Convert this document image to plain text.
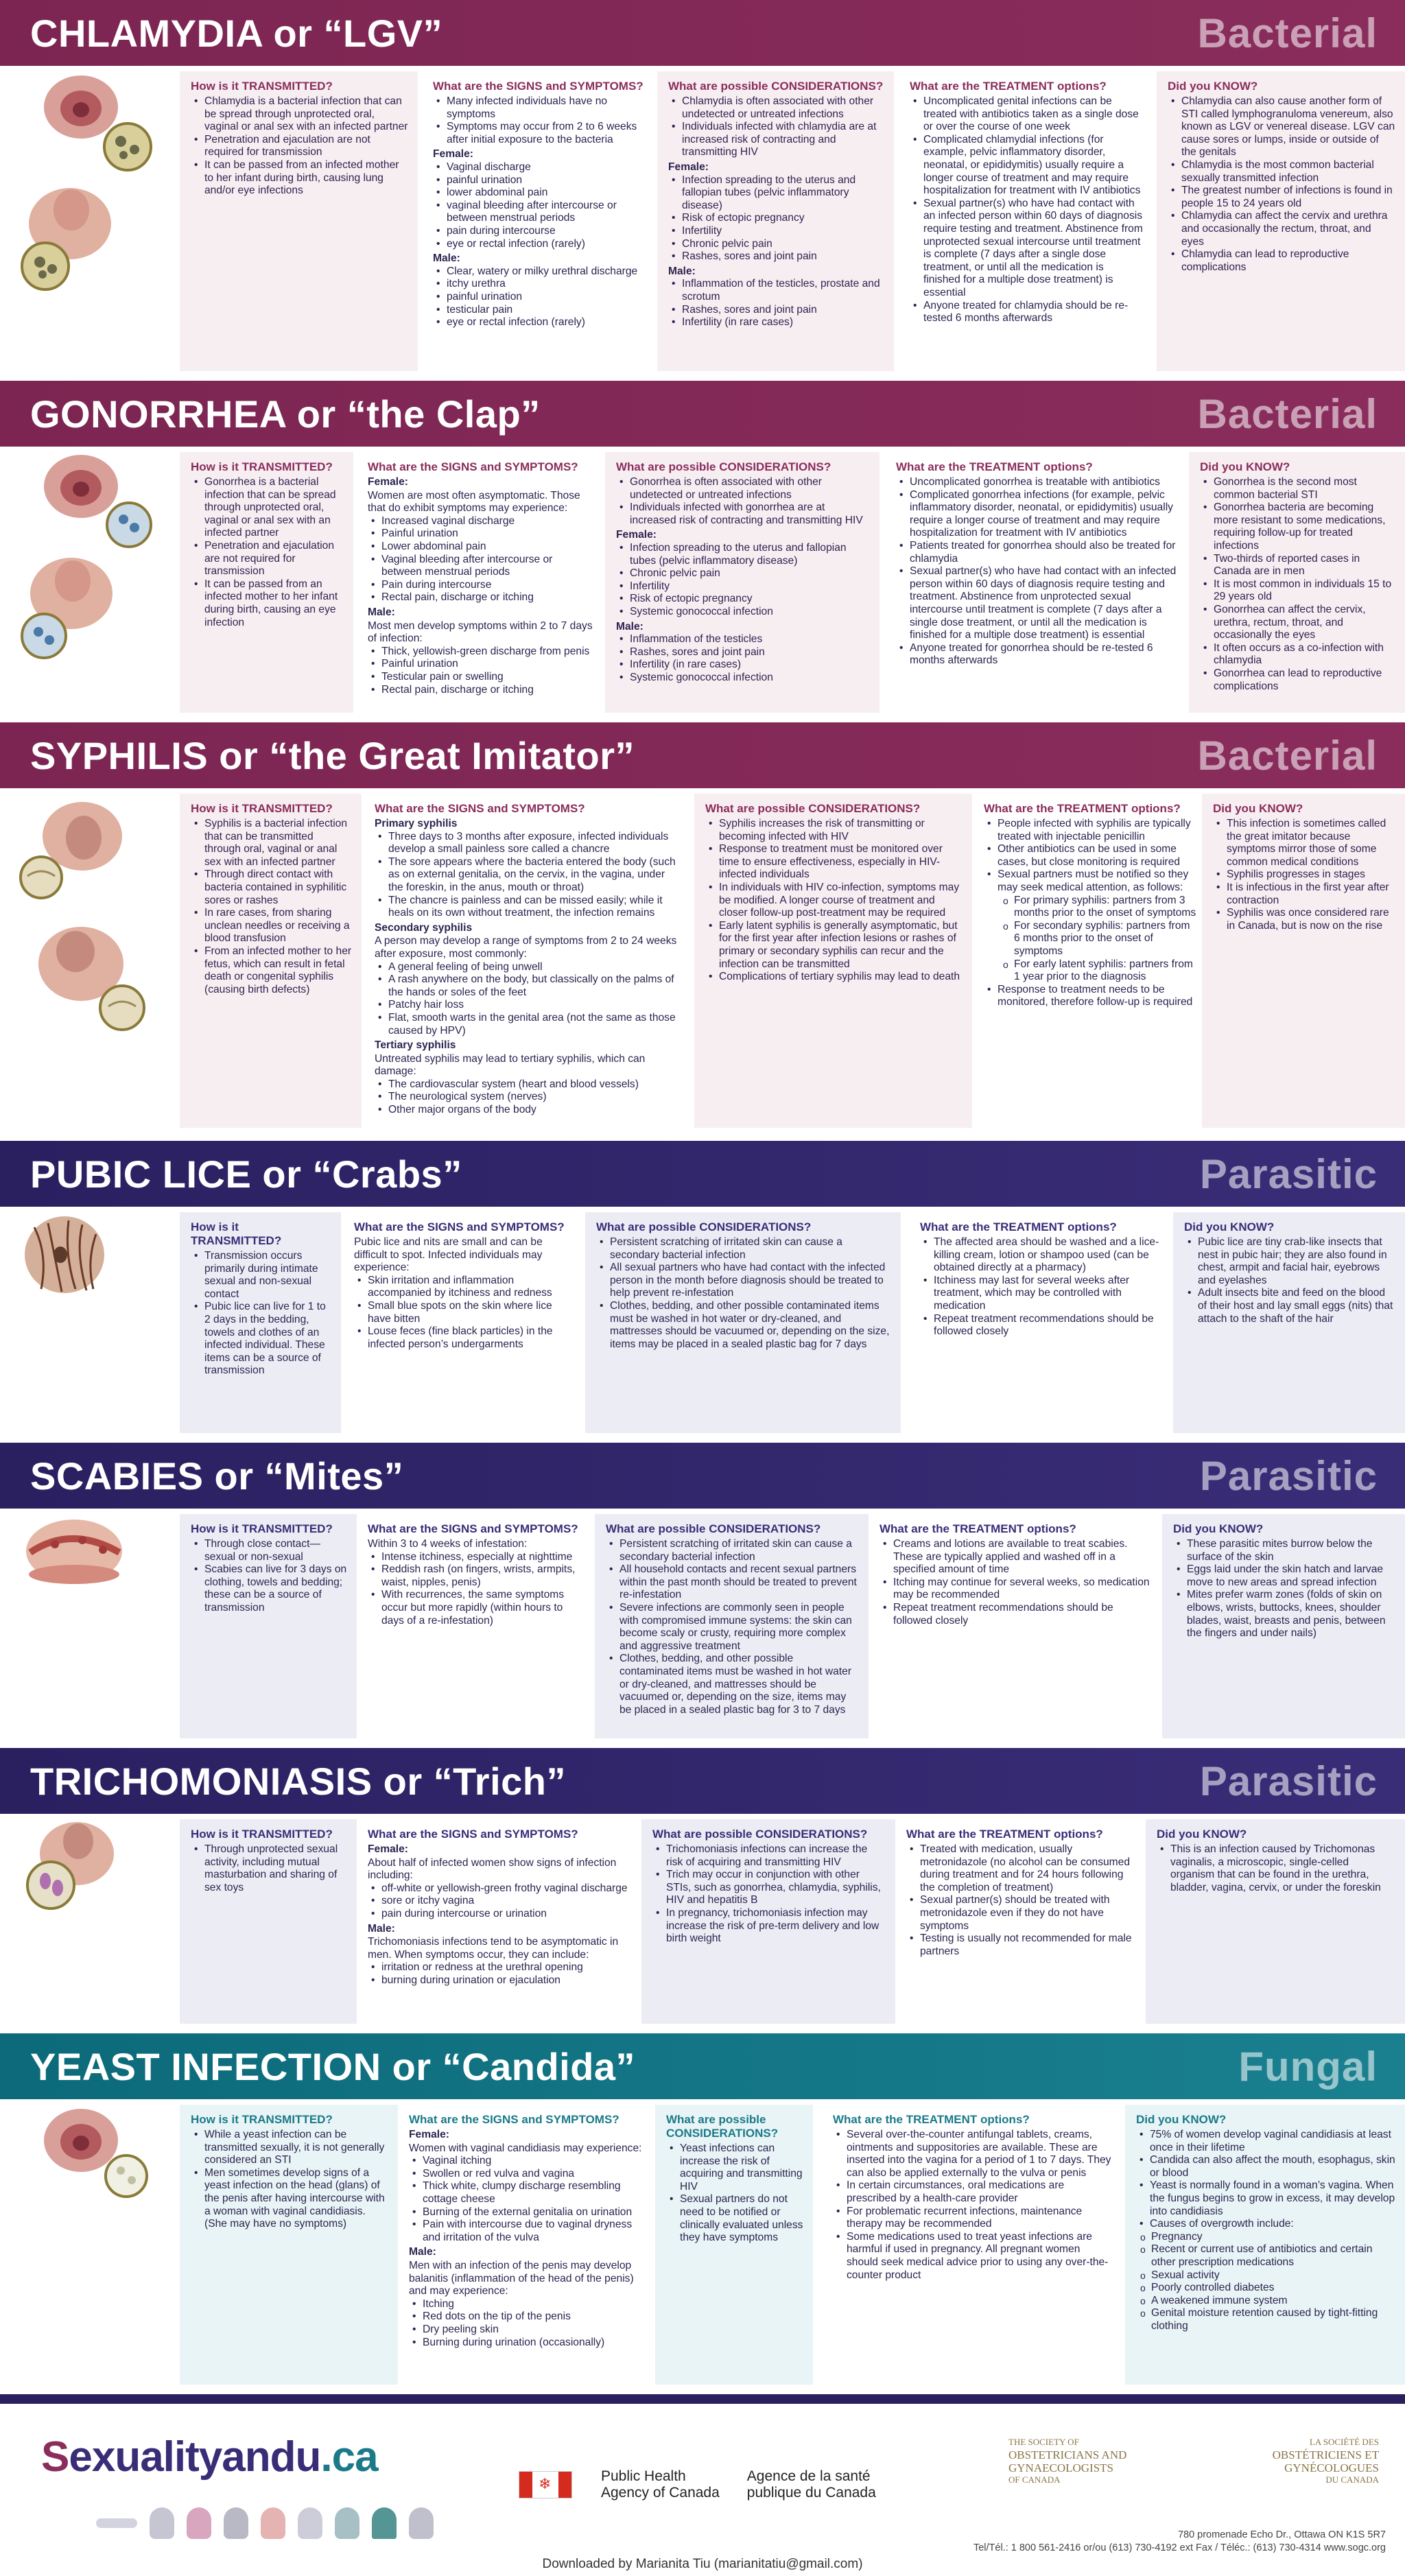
CHLAMYDIA or “LGV”	Bacterial
How is it TRANSMITTED?
• Chlamydia is a bacterial infection that can be spread through unprotected oral, vaginal or anal sex with an infected partner
• Penetration and ejaculation are not required for transmission
• It can be passed from an infected mother to her infant during birth, causing lung and/or eye infections
What are the SIGNS and SYMPTOMS?
• Many infected individuals have no symptoms
• Symptoms may occur from 2 to 6 weeks after initial exposure to the bacteria
Female:
• Vaginal discharge
• painful urination
• lower abdominal pain
• vaginal bleeding after intercourse or between menstrual periods
• pain during intercourse
• eye or rectal infection (rarely)
Male:
• Clear, watery or milky urethral discharge
• itchy urethra
• painful urination
• testicular pain
• eye or rectal infection (rarely)
What are possible CONSIDERATIONS?
• Chlamydia is often associated with other undetected or untreated infections
• Individuals infected with chlamydia are at increased risk of contracting and transmitting HIV
Female:
• Infection spreading to the uterus and fallopian tubes (pelvic inflammatory disease)
• Risk of ectopic pregnancy
• Infertility
• Chronic pelvic pain
• Rashes, sores and joint pain
Male:
• Inflammation of the testicles, prostate and scrotum
• Rashes, sores and joint pain
• Infertility (in rare cases)
What are the TREATMENT options?
• Uncomplicated genital infections can be treated with antibiotics taken as a single dose or over the course of one week
• Complicated chlamydial infections (for example, pelvic inflammatory disorder, neonatal, or epididymitis) usually require a longer course of treatment and may require hospitalization for treatment with IV antibiotics
• Sexual partner(s) who have had contact with an infected person within 60 days of diagnosis require testing and treatment. Abstinence from unprotected sexual intercourse until treatment is complete (7 days after a single dose treatment, or until all the medication is finished for a multiple dose treatment) is essential
• Anyone treated for chlamydia should be re-tested 6 months afterwards
Did you KNOW?
• Chlamydia can also cause another form of STI called lymphogranuloma venereum, also known as LGV or venereal disease. LGV can cause sores or lumps, inside or outside of the genitals
• Chlamydia is the most common bacterial sexually transmitted infection
• The greatest number of infections is found in people 15 to 24 years old
• Chlamydia can affect the cervix and urethra and occasionally the rectum, throat, and eyes
• Chlamydia can lead to reproductive complications
GONORRHEA or “the Clap”	Bacterial
How is it TRANSMITTED?
• Gonorrhea is a bacterial infection that can be spread through unprotected oral, vaginal or anal sex with an infected partner
• Penetration and ejaculation are not required for transmission
• It can be passed from an infected mother to her infant during birth, causing an eye infection
What are the SIGNS and SYMPTOMS?
Female:
Women are most often asymptomatic. Those that do exhibit symptoms may experience:
• Increased vaginal discharge
• Painful urination
• Lower abdominal pain
• Vaginal bleeding after intercourse or between menstrual periods
• Pain during intercourse
• Rectal pain, discharge or itching
Male:
Most men develop symptoms within 2 to 7 days of infection:
• Thick, yellowish-green discharge from penis
• Painful urination
• Testicular pain or swelling
• Rectal pain, discharge or itching
What are possible CONSIDERATIONS?
• Gonorrhea is often associated with other undetected or untreated infections
• Individuals infected with gonorrhea are at increased risk of contracting and transmitting HIV
Female:
• Infection spreading to the uterus and fallopian tubes (pelvic inflammatory disease)
• Chronic pelvic pain
• Infertility
• Risk of ectopic pregnancy
• Systemic gonococcal infection
Male:
• Inflammation of the testicles
• Rashes, sores and joint pain
• Infertility (in rare cases)
• Systemic gonococcal infection
What are the TREATMENT options?
• Uncomplicated gonorrhea is treatable with antibiotics
• Complicated gonorrhea infections (for example, pelvic inflammatory disorder, neonatal, or epididymitis) usually require a longer course of treatment and may require hospitalization for treatment with IV antibiotics
• Patients treated for gonorrhea should also be treated for chlamydia
• Sexual partner(s) who have had contact with an infected person within 60 days of diagnosis require testing and treatment. Abstinence from unprotected sexual intercourse until treatment is complete (7 days after a single dose treatment, or until all the medication is finished for a multiple dose treatment) is essential
• Anyone treated for gonorrhea should be re-tested 6 months afterwards
Did you KNOW?
• Gonorrhea is the second most common bacterial STI
• Gonorrhea bacteria are becoming more resistant to some medications, requiring follow-up for treated infections
• Two-thirds of reported cases in Canada are in men
• It is most common in individuals 15 to 29 years old
• Gonorrhea can affect the cervix, urethra, rectum, throat, and occasionally the eyes
• It often occurs as a co-infection with chlamydia
• Gonorrhea can lead to reproductive complications
SYPHILIS or “the Great Imitator”	Bacterial
How is it TRANSMITTED?
• Syphilis is a bacterial infection that can be transmitted through oral, vaginal or anal sex with an infected partner
• Through direct contact with bacteria contained in syphilitic sores or rashes
• In rare cases, from sharing unclean needles or receiving a blood transfusion
• From an infected mother to her fetus, which can result in fetal death or congenital syphilis (causing birth defects)
What are the SIGNS and SYMPTOMS?
Primary syphilis
• Three days to 3 months after exposure, infected individuals develop a small painless sore called a chancre
• The sore appears where the bacteria entered the body (such as on external genitalia, on the cervix, in the vagina, under the foreskin, in the anus, mouth or throat)
• The chancre is painless and can be missed easily; while it heals on its own without treatment, the infection remains
Secondary syphilis
A person may develop a range of symptoms from 2 to 24 weeks after exposure, most commonly:
• A general feeling of being unwell
• A rash anywhere on the body, but classically on the palms of the hands or soles of the feet
• Patchy hair loss
• Flat, smooth warts in the genital area (not the same as those caused by HPV)
Tertiary syphilis
Untreated syphilis may lead to tertiary syphilis, which can damage:
• The cardiovascular system (heart and blood vessels)
• The neurological system (nerves)
• Other major organs of the body
What are possible CONSIDERATIONS?
• Syphilis increases the risk of transmitting or becoming infected with HIV
• Response to treatment must be monitored over time to ensure effectiveness, especially in HIV-infected individuals
• In individuals with HIV co-infection, symptoms may be modified. A longer course of treatment and closer follow-up post-treatment may be required
• Early latent syphilis is generally asymptomatic, but for the first year after infection lesions or rashes of primary or secondary syphilis can recur and the infection can be transmitted
• Complications of tertiary syphilis may lead to death
What are the TREATMENT options?
• People infected with syphilis are typically treated with injectable penicillin
• Other antibiotics can be used in some cases, but close monitoring is required
• Sexual partners must be notified so they may seek medical attention, as follows:
o For primary syphilis: partners from 3 months prior to the onset of symptoms
o For secondary syphilis: partners from 6 months prior to the onset of symptoms
o For early latent syphilis: partners from 1 year prior to the diagnosis
• Response to treatment needs to be monitored, therefore follow-up is required
Did you KNOW?
• This infection is sometimes called the great imitator because symptoms mirror those of some common medical conditions
• Syphilis progresses in stages
• It is infectious in the first year after contraction
• Syphilis was once considered rare in Canada, but is now on the rise
PUBIC LICE or “Crabs”	Parasitic
How is it TRANSMITTED?
• Transmission occurs primarily during intimate sexual and non-sexual contact
• Pubic lice can live for 1 to 2 days in the bedding, towels and clothes of an infected individual. These items can be a source of transmission
What are the SIGNS and SYMPTOMS?
Pubic lice and nits are small and can be difficult to spot. Infected individuals may experience:
• Skin irritation and inflammation accompanied by itchiness and redness
• Small blue spots on the skin where lice have bitten
• Louse feces (fine black particles) in the infected person’s undergarments
What are possible CONSIDERATIONS?
• Persistent scratching of irritated skin can cause a secondary bacterial infection
• All sexual partners who have had contact with the infected person in the month before diagnosis should be treated to help prevent re-infestation
• Clothes, bedding, and other possible contaminated items must be washed in hot water or dry-cleaned, and mattresses should be vacuumed or, depending on the size, items may be placed in a sealed plastic bag for 7 days
What are the TREATMENT options?
• The affected area should be washed and a lice-killing cream, lotion or shampoo used (can be obtained directly at a pharmacy)
• Itchiness may last for several weeks after treatment, which may be controlled with medication
• Repeat treatment recommendations should be followed closely
Did you KNOW?
• Pubic lice are tiny crab-like insects that nest in pubic hair; they are also found in chest, armpit and facial hair, eyebrows and eyelashes
• Adult insects bite and feed on the blood of their host and lay small eggs (nits) that attach to the shaft of the hair
SCABIES or “Mites”	Parasitic
How is it TRANSMITTED?
• Through close contact—sexual or non-sexual
• Scabies can live for 3 days on clothing, towels and bedding; these can be a source of transmission
What are the SIGNS and SYMPTOMS?
Within 3 to 4 weeks of infestation:
• Intense itchiness, especially at nighttime
• Reddish rash (on fingers, wrists, armpits, waist, nipples, penis)
• With recurrences, the same symptoms occur but more rapidly (within hours to days of a re-infestation)
What are possible CONSIDERATIONS?
• Persistent scratching of irritated skin can cause a secondary bacterial infection
• All household contacts and recent sexual partners within the past month should be treated to prevent re-infestation
• Severe infections are commonly seen in people with compromised immune systems: the skin can become scaly or crusty, requiring more complex and aggressive treatment
• Clothes, bedding, and other possible contaminated items must be washed in hot water or dry-cleaned, and mattresses should be vacuumed or, depending on the size, items may be placed in a sealed plastic bag for 3 to 7 days
What are the TREATMENT options?
• Creams and lotions are available to treat scabies. These are typically applied and washed off in a specified amount of time
• Itching may continue for several weeks, so medication may be recommended
• Repeat treatment recommendations should be followed closely
Did you KNOW?
• These parasitic mites burrow below the surface of the skin
• Eggs laid under the skin hatch and larvae move to new areas and spread infection
• Mites prefer warm zones (folds of skin on elbows, wrists, buttocks, knees, shoulder blades, waist, breasts and penis, between the fingers and under nails)
TRICHOMONIASIS or “Trich”	Parasitic
How is it TRANSMITTED?
• Through unprotected sexual activity, including mutual masturbation and sharing of sex toys
What are the SIGNS and SYMPTOMS?
Female:
About half of infected women show signs of infection including:
• off-white or yellowish-green frothy vaginal discharge
• sore or itchy vagina
• pain during intercourse or urination
Male:
Trichomoniasis infections tend to be asymptomatic in men. When symptoms occur, they can include:
• irritation or redness at the urethral opening
• burning during urination or ejaculation
What are possible CONSIDERATIONS?
• Trichomoniasis infections can increase the risk of acquiring and transmitting HIV
• Trich may occur in conjunction with other STIs, such as gonorrhea, chlamydia, syphilis, HIV and hepatitis B
• In pregnancy, trichomoniasis infection may increase the risk of pre-term delivery and low birth weight
What are the TREATMENT options?
• Treated with medication, usually metronidazole (no alcohol can be consumed during treatment and for 24 hours following the completion of treatment)
• Sexual partner(s) should be treated with metronidazole even if they do not have symptoms
• Testing is usually not recommended for male partners
Did you KNOW?
• This is an infection caused by Trichomonas vaginalis, a microscopic, single-celled organism that can be found in the urethra, bladder, vagina, cervix, or under the foreskin
YEAST INFECTION or “Candida”	Fungal
How is it TRANSMITTED?
• While a yeast infection can be transmitted sexually, it is not generally considered an STI
• Men sometimes develop signs of a yeast infection on the head (glans) of the penis after having intercourse with a woman with vaginal candidiasis. (She may have no symptoms)
What are the SIGNS and SYMPTOMS?
Female:
Women with vaginal candidiasis may experience:
• Vaginal itching
• Swollen or red vulva and vagina
• Thick white, clumpy discharge resembling cottage cheese
• Burning of the external genitalia on urination
• Pain with intercourse due to vaginal dryness and irritation of the vulva
Male:
Men with an infection of the penis may develop balanitis (inflammation of the head of the penis) and may experience:
• Itching
• Red dots on the tip of the penis
• Dry peeling skin
• Burning during urination (occasionally)
What are possible
CONSIDERATIONS?
• Yeast infections can increase the risk of acquiring and transmitting HIV
• Sexual partners do not need to be notified or clinically evaluated unless they have symptoms
What are the TREATMENT options?
• Several over-the-counter antifungal tablets, creams, ointments and suppositories are available. These are inserted into the vagina for a period of 1 to 7 days. They can also be applied externally to the vulva or penis
• In certain circumstances, oral medications are prescribed by a health-care provider
• For problematic recurrent infections, maintenance therapy may be recommended
• Some medications used to treat yeast infections are harmful if used in pregnancy. All pregnant women should seek medical advice prior to using any over-the-counter product
Did you KNOW?
• 75% of women develop vaginal candidiasis at least once in their lifetime
• Candida can also affect the mouth, esophagus, skin or blood
• Yeast is normally found in a woman’s vagina. When the fungus begins to grow in excess, it may develop into candidiasis
• Causes of overgrowth include:
o Pregnancy
o Recent or current use of antibiotics and certain other prescription medications
o Sexual activity
o Poorly controlled diabetes
o A weakened immune system
o Genital moisture retention caused by tight-fitting clothing
Sexualityandu.ca
❄	Public Health
Agency of Canada
Agence de la santé
publique du Canada
THE SOCIETY OF	LA SOCIÉTÉ DES
OBSTETRICIANS AND	OBSTÉTRICIENS ET
GYNAECOLOGISTS	GYNÉCOLOGUES
OF CANADA	DU CANADA
780 promenade Echo Dr., Ottawa ON K1S 5R7
Tel/Tél.: 1 800 561-2416 or/ou (613) 730-4192 ext Fax / Téléc.: (613) 730-4314 www.sogc.org
Downloaded by Marianita Tiu (marianitatiu@gmail.com)
